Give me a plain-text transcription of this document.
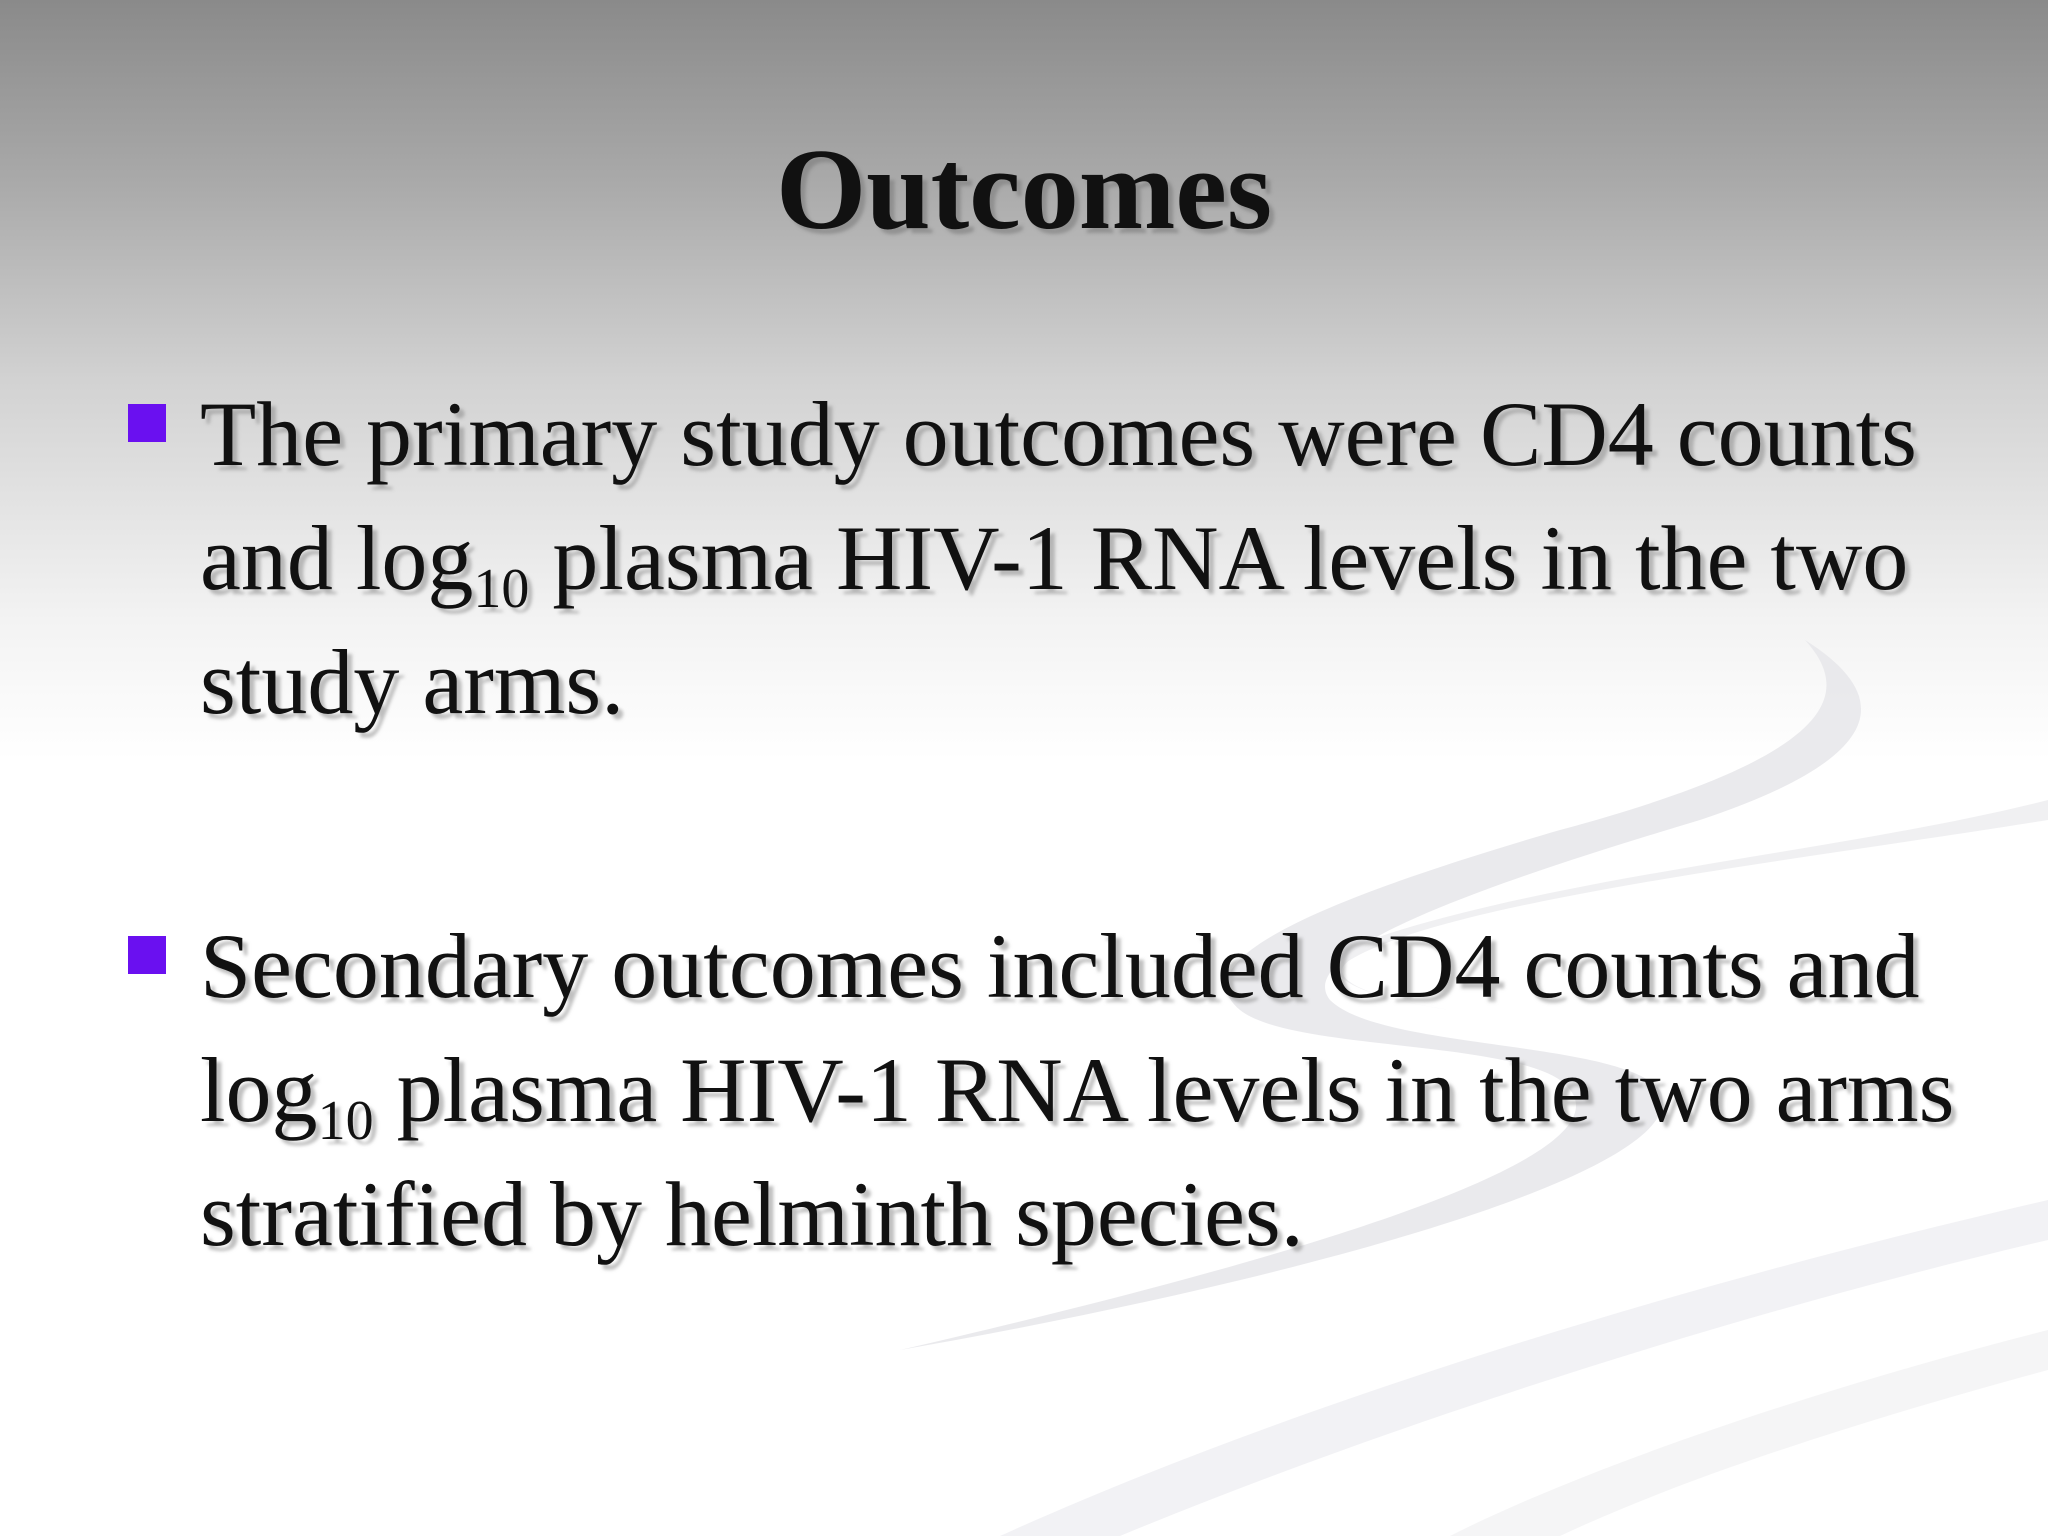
Outcomes

The primary study outcomes were CD4 counts and $\log_{10}$ plasma HIV-1 RNA levels in the two study arms.

Secondary outcomes included CD4 counts and $\log_{10}$ plasma HIV-1 RNA levels in the two arms stratified by helminth species.
